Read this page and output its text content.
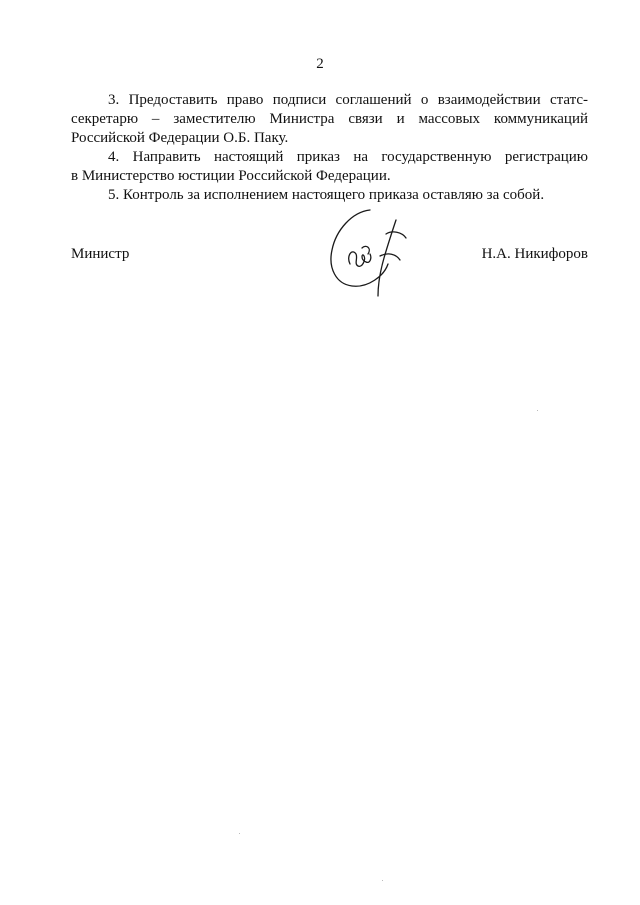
2
3. Предоставить право подписи соглашений о взаимодействии статс-
секретарю – заместителю Министра связи и массовых коммуникаций
Российской Федерации О.Б. Паку.
4. Направить настоящий приказ на государственную регистрацию
в Министерство юстиции Российской Федерации.
5. Контроль за исполнением настоящего приказа оставляю за собой.
Министр	Н.А. Никифоров
